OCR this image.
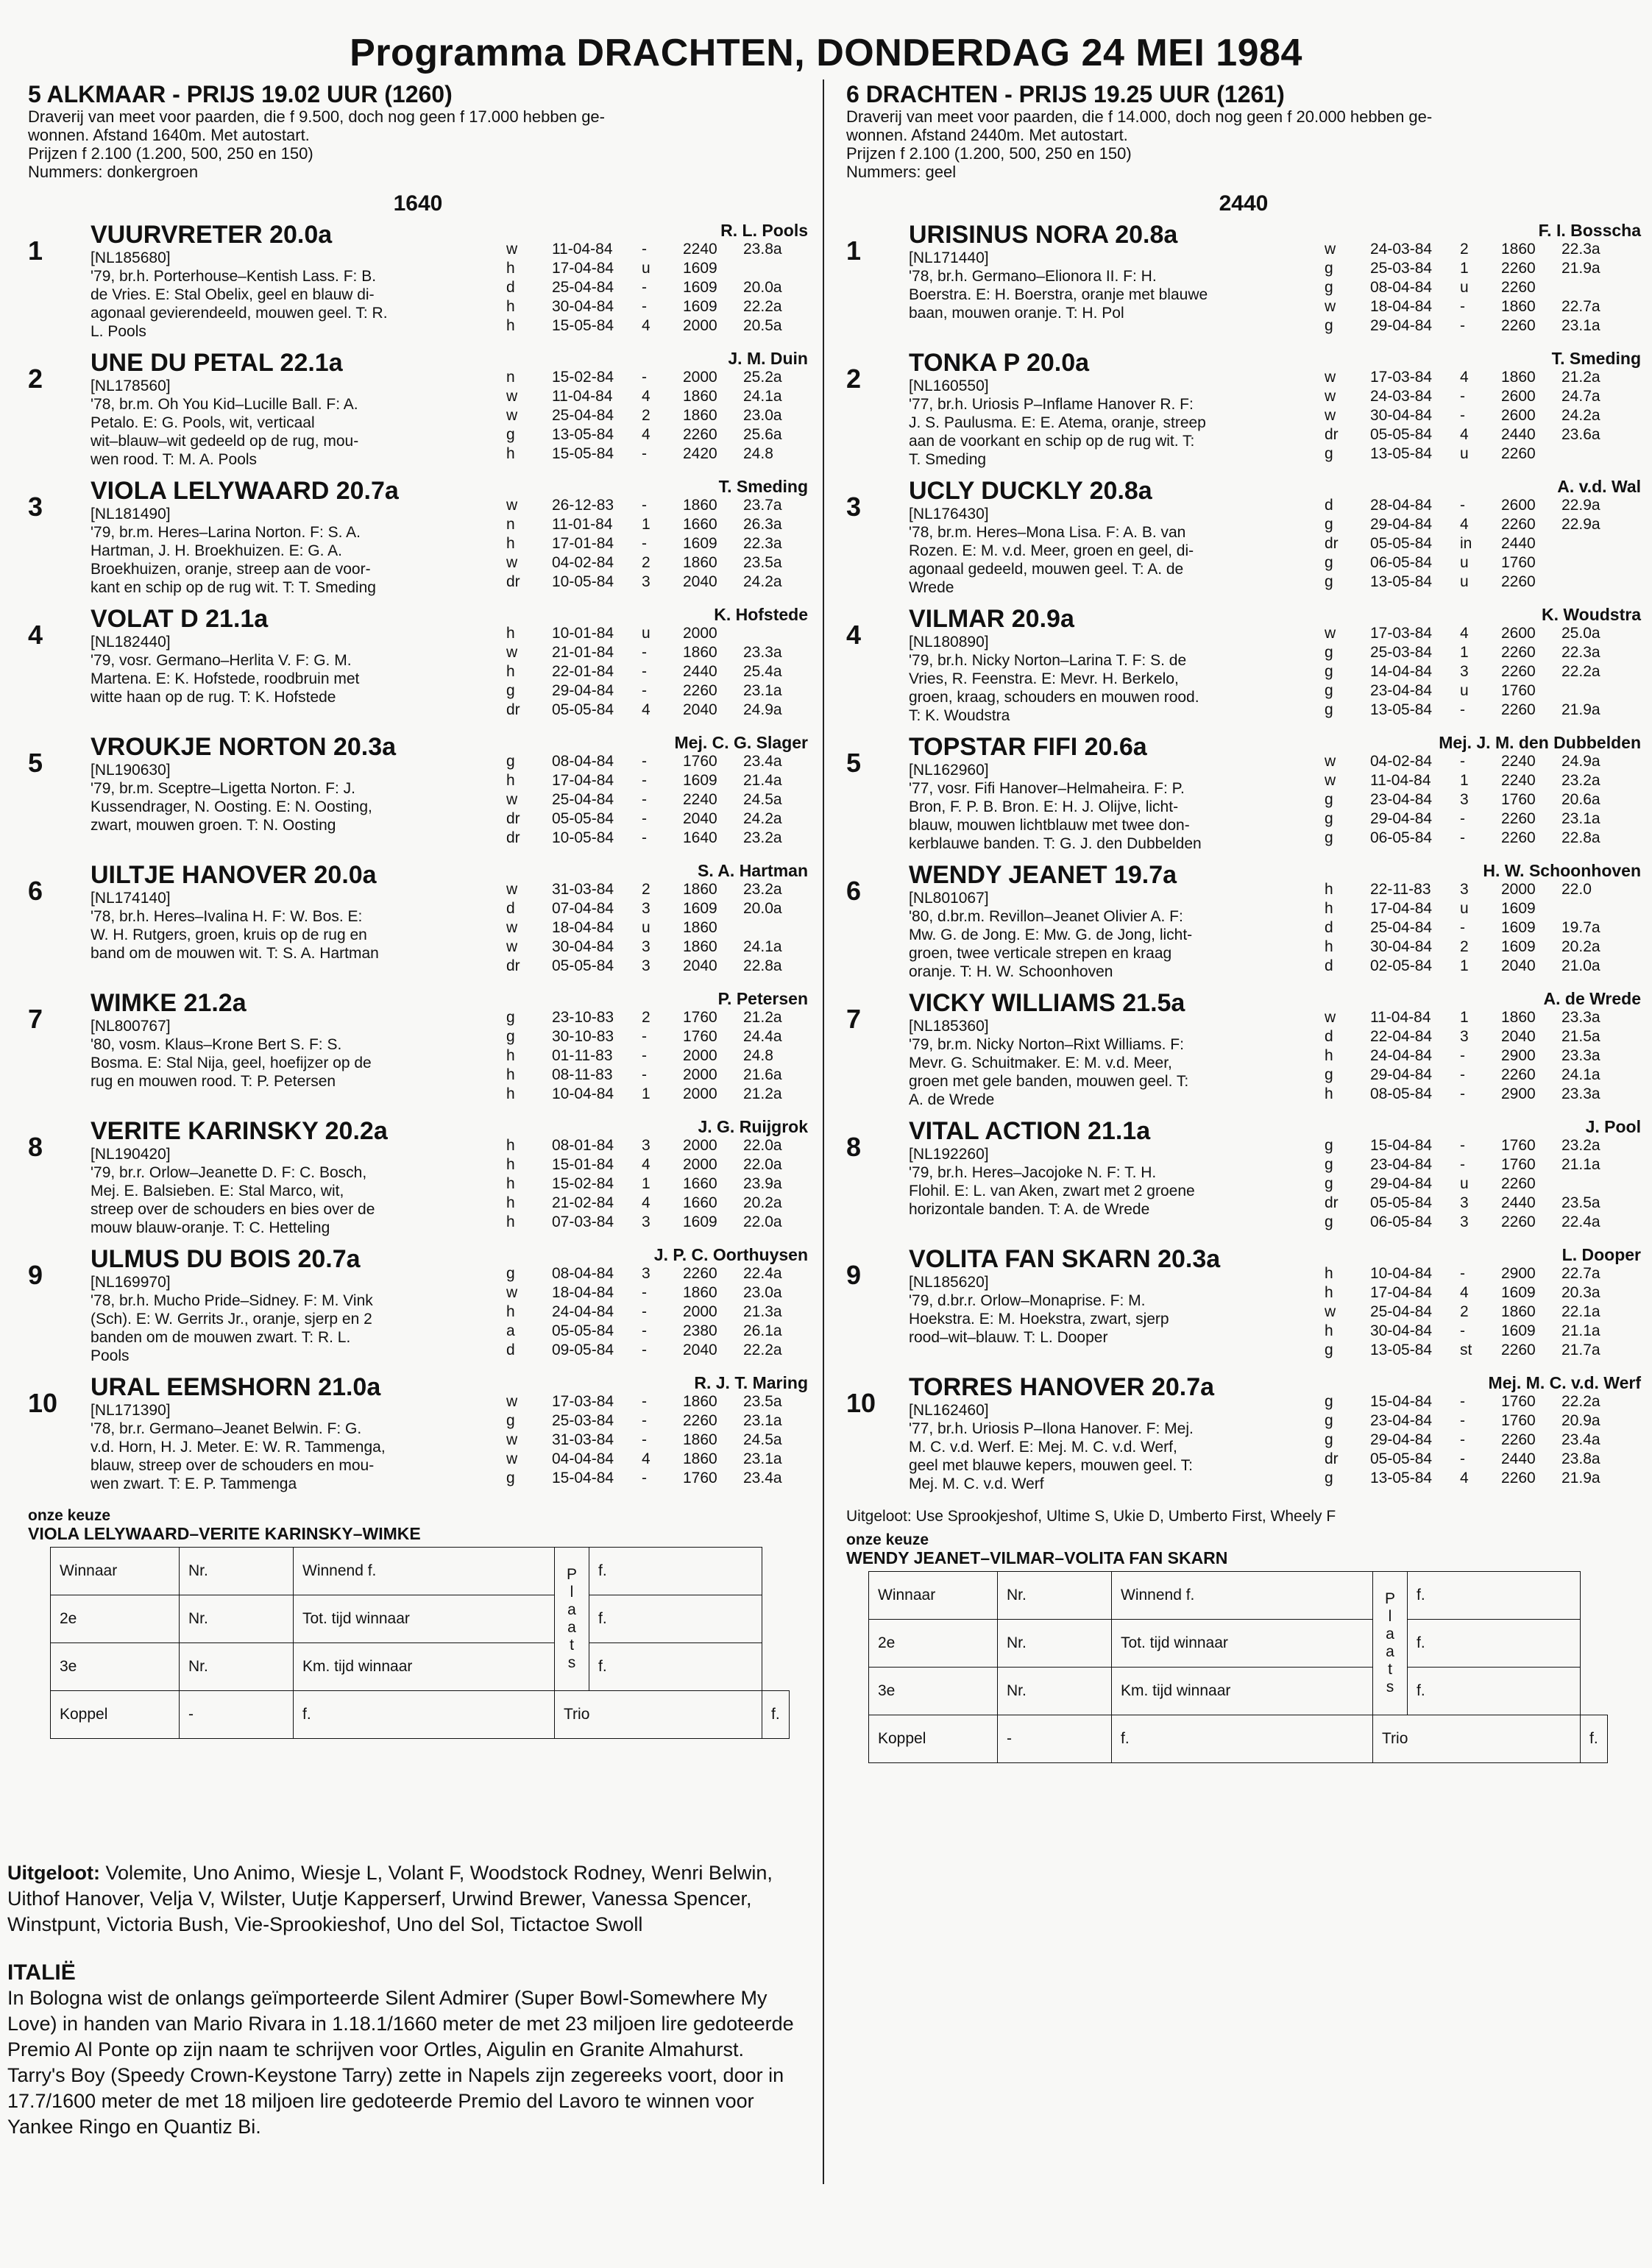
Programma DRACHTEN, DONDERDAG 24 MEI 1984
5 ALKMAAR - PRIJS 19.02 UUR (1260)
Draverij van meet voor paarden, die f 9.500, doch nog geen f 17.000 hebben ge-
wonnen. Afstand 1640m. Met autostart.
Prijzen f 2.100 (1.200, 500, 250 en 150)
Nummers: donkergroen
1640
1
VUURVRETER 20.0a
[NL185680]
'79, br.h. Porterhouse–Kentish Lass. F: B.
de Vries. E: Stal Obelix, geel en blauw di-
agonaal gevierendeeld, mouwen geel. T: R.
L. Pools
R. L. Pools
w	11-04-84	-	2240	23.8a
h	17-04-84	u	1609
d	25-04-84	-	1609	20.0a
h	30-04-84	-	1609	22.2a
h	15-05-84	4	2000	20.5a
2
UNE DU PETAL 22.1a
[NL178560]
'78, br.m. Oh You Kid–Lucille Ball. F: A.
Petalo. E: G. Pools, wit, verticaal
wit–blauw–wit gedeeld op de rug, mou-
wen rood. T: M. A. Pools
J. M. Duin
n	15-02-84	-	2000	25.2a
w	11-04-84	4	1860	24.1a
w	25-04-84	2	1860	23.0a
g	13-05-84	4	2260	25.6a
h	15-05-84	-	2420	24.8
3
VIOLA LELYWAARD 20.7a
[NL181490]
'79, br.m. Heres–Larina Norton. F: S. A.
Hartman, J. H. Broekhuizen. E: G. A.
Broekhuizen, oranje, streep aan de voor-
kant en schip op de rug wit. T: T. Smeding
T. Smeding
w	26-12-83	-	1860	23.7a
n	11-01-84	1	1660	26.3a
h	17-01-84	-	1609	22.3a
w	04-02-84	2	1860	23.5a
dr	10-05-84	3	2040	24.2a
4
VOLAT D 21.1a
[NL182440]
'79, vosr. Germano–Herlita V. F: G. M.
Martena. E: K. Hofstede, roodbruin met
witte haan op de rug. T: K. Hofstede
K. Hofstede
h	10-01-84	u	2000
w	21-01-84	-	1860	23.3a
h	22-01-84	-	2440	25.4a
g	29-04-84	-	2260	23.1a
dr	05-05-84	4	2040	24.9a
5
VROUKJE NORTON 20.3a
[NL190630]
'79, br.m. Sceptre–Ligetta Norton. F: J.
Kussendrager, N. Oosting. E: N. Oosting,
zwart, mouwen groen. T: N. Oosting
Mej. C. G. Slager
g	08-04-84	-	1760	23.4a
h	17-04-84	-	1609	21.4a
w	25-04-84	-	2240	24.5a
dr	05-05-84	-	2040	24.2a
dr	10-05-84	-	1640	23.2a
6
UILTJE HANOVER 20.0a
[NL174140]
'78, br.h. Heres–Ivalina H. F: W. Bos. E:
W. H. Rutgers, groen, kruis op de rug en
band om de mouwen wit. T: S. A. Hartman
S. A. Hartman
w	31-03-84	2	1860	23.2a
d	07-04-84	3	1609	20.0a
w	18-04-84	u	1860
w	30-04-84	3	1860	24.1a
dr	05-05-84	3	2040	22.8a
7
WIMKE 21.2a
[NL800767]
'80, vosm. Klaus–Krone Bert S. F: S.
Bosma. E: Stal Nija, geel, hoefijzer op de
rug en mouwen rood. T: P. Petersen
P. Petersen
g	23-10-83	2	1760	21.2a
g	30-10-83	-	1760	24.4a
h	01-11-83	-	2000	24.8
h	08-11-83	-	2000	21.6a
h	10-04-84	1	2000	21.2a
8
VERITE KARINSKY 20.2a
[NL190420]
'79, br.r. Orlow–Jeanette D. F: C. Bosch,
Mej. E. Balsieben. E: Stal Marco, wit,
streep over de schouders en bies over de
mouw blauw-oranje. T: C. Hetteling
J. G. Ruijgrok
h	08-01-84	3	2000	22.0a
h	15-01-84	4	2000	22.0a
h	15-02-84	1	1660	23.9a
h	21-02-84	4	1660	20.2a
h	07-03-84	3	1609	22.0a
9
ULMUS DU BOIS 20.7a
[NL169970]
'78, br.h. Mucho Pride–Sidney. F: M. Vink
(Sch). E: W. Gerrits Jr., oranje, sjerp en 2
banden om de mouwen zwart. T: R. L.
Pools
J. P. C. Oorthuysen
g	08-04-84	3	2260	22.4a
w	18-04-84	-	1860	23.0a
h	24-04-84	-	2000	21.3a
a	05-05-84	-	2380	26.1a
d	09-05-84	-	2040	22.2a
10
URAL EEMSHORN 21.0a
[NL171390]
'78, br.r. Germano–Jeanet Belwin. F: G.
v.d. Horn, H. J. Meter. E: W. R. Tammenga,
blauw, streep over de schouders en mou-
wen zwart. T: E. P. Tammenga
R. J. T. Maring
w	17-03-84	-	1860	23.5a
g	25-03-84	-	2260	23.1a
w	31-03-84	-	1860	24.5a
w	04-04-84	4	1860	23.1a
g	15-04-84	-	1760	23.4a
onze keuze
VIOLA LELYWAARD–VERITE KARINSKY–WIMKE
Winnaar	Nr.	Winnend f.	P l a a t s	f.	
2e	Nr.	Tot. tijd winnaar		f.	
3e	Nr.	Km. tijd winnaar		f.	
Koppel	-	f.	Trio		f.
6 DRACHTEN - PRIJS 19.25 UUR (1261)
Draverij van meet voor paarden, die f 14.000, doch nog geen f 20.000 hebben ge-
wonnen. Afstand 2440m. Met autostart.
Prijzen f 2.100 (1.200, 500, 250 en 150)
Nummers: geel
2440
1
URISINUS NORA 20.8a
[NL171440]
'78, br.h. Germano–Elionora II. F: H.
Boerstra. E: H. Boerstra, oranje met blauwe
baan, mouwen oranje. T: H. Pol
F. I. Bosscha
w	24-03-84	2	1860	22.3a
g	25-03-84	1	2260	21.9a
g	08-04-84	u	2260
w	18-04-84	-	1860	22.7a
g	29-04-84	-	2260	23.1a
2
TONKA P 20.0a
[NL160550]
'77, br.h. Uriosis P–Inflame Hanover R. F:
J. S. Paulusma. E: E. Atema, oranje, streep
aan de voorkant en schip op de rug wit. T:
T. Smeding
T. Smeding
w	17-03-84	4	1860	21.2a
w	24-03-84	-	2600	24.7a
w	30-04-84	-	2600	24.2a
dr	05-05-84	4	2440	23.6a
g	13-05-84	u	2260
3
UCLY DUCKLY 20.8a
[NL176430]
'78, br.m. Heres–Mona Lisa. F: A. B. van
Rozen. E: M. v.d. Meer, groen en geel, di-
agonaal gedeeld, mouwen geel. T: A. de
Wrede
A. v.d. Wal
d	28-04-84	-	2600	22.9a
g	29-04-84	4	2260	22.9a
dr	05-05-84	in	2440
g	06-05-84	u	1760
g	13-05-84	u	2260
4
VILMAR 20.9a
[NL180890]
'79, br.h. Nicky Norton–Larina T. F: S. de
Vries, R. Feenstra. E: Mevr. H. Berkelo,
groen, kraag, schouders en mouwen rood.
T: K. Woudstra
K. Woudstra
w	17-03-84	4	2600	25.0a
g	25-03-84	1	2260	22.3a
g	14-04-84	3	2260	22.2a
g	23-04-84	u	1760
g	13-05-84	-	2260	21.9a
5
TOPSTAR FIFI 20.6a
[NL162960]
'77, vosr. Fifi Hanover–Helmaheira. F: P.
Bron, F. P. B. Bron. E: H. J. Olijve, licht-
blauw, mouwen lichtblauw met twee don-
kerblauwe banden. T: G. J. den Dubbelden
Mej. J. M. den Dubbelden
w	04-02-84	-	2240	24.9a
w	11-04-84	1	2240	23.2a
g	23-04-84	3	1760	20.6a
g	29-04-84	-	2260	23.1a
g	06-05-84	-	2260	22.8a
6
WENDY JEANET 19.7a
[NL801067]
'80, d.br.m. Revillon–Jeanet Olivier A. F:
Mw. G. de Jong. E: Mw. G. de Jong, licht-
groen, twee verticale strepen en kraag
oranje. T: H. W. Schoonhoven
H. W. Schoonhoven
h	22-11-83	3	2000	22.0
h	17-04-84	u	1609
d	25-04-84	-	1609	19.7a
h	30-04-84	2	1609	20.2a
d	02-05-84	1	2040	21.0a
7
VICKY WILLIAMS 21.5a
[NL185360]
'79, br.m. Nicky Norton–Rixt Williams. F:
Mevr. G. Schuitmaker. E: M. v.d. Meer,
groen met gele banden, mouwen geel. T:
A. de Wrede
A. de Wrede
w	11-04-84	1	1860	23.3a
d	22-04-84	3	2040	21.5a
h	24-04-84	-	2900	23.3a
g	29-04-84	-	2260	24.1a
h	08-05-84	-	2900	23.3a
8
VITAL ACTION 21.1a
[NL192260]
'79, br.h. Heres–Jacojoke N. F: T. H.
Flohil. E: L. van Aken, zwart met 2 groene
horizontale banden. T: A. de Wrede
J. Pool
g	15-04-84	-	1760	23.2a
g	23-04-84	-	1760	21.1a
g	29-04-84	u	2260
dr	05-05-84	3	2440	23.5a
g	06-05-84	3	2260	22.4a
9
VOLITA FAN SKARN 20.3a
[NL185620]
'79, d.br.r. Orlow–Monaprise. F: M.
Hoekstra. E: M. Hoekstra, zwart, sjerp
rood–wit–blauw. T: L. Dooper
L. Dooper
h	10-04-84	-	2900	22.7a
h	17-04-84	4	1609	20.3a
w	25-04-84	2	1860	22.1a
h	30-04-84	-	1609	21.1a
g	13-05-84	st	2260	21.7a
10
TORRES HANOVER 20.7a
[NL162460]
'77, br.h. Uriosis P–Ilona Hanover. F: Mej.
M. C. v.d. Werf. E: Mej. M. C. v.d. Werf,
geel met blauwe kepers, mouwen geel. T:
Mej. M. C. v.d. Werf
Mej. M. C. v.d. Werf
g	15-04-84	-	1760	22.2a
g	23-04-84	-	1760	20.9a
g	29-04-84	-	2260	23.4a
dr	05-05-84	-	2440	23.8a
g	13-05-84	4	2260	21.9a
Uitgeloot: Use Sprookjeshof, Ultime S, Ukie D, Umberto First, Wheely F
onze keuze
WENDY JEANET–VILMAR–VOLITA FAN SKARN
Winnaar	Nr.	Winnend f.	P l a a t s	f.	
2e	Nr.	Tot. tijd winnaar		f.	
3e	Nr.	Km. tijd winnaar		f.	
Koppel	-	f.	Trio		f.
Uitgeloot: Volemite, Uno Animo, Wiesje L, Volant F, Woodstock Rodney, Wenri Belwin, Uithof Hanover, Velja V, Wilster, Uutje Kapperserf, Urwind Brewer, Vanessa Spencer, Winstpunt, Victoria Bush, Vie-Sprookieshof, Uno del Sol, Tictactoe Swoll
ITALIË
In Bologna wist de onlangs geïmporteerde Silent Admirer (Super Bowl-Somewhere My Love) in handen van Mario Rivara in 1.18.1/1660 meter de met 23 miljoen lire gedoteerde Premio Al Ponte op zijn naam te schrijven voor Ortles, Aigulin en Granite Almahurst. Tarry's Boy (Speedy Crown-Keystone Tarry) zette in Napels zijn zegereeks voort, door in 17.7/1600 meter de met 18 miljoen lire gedoteerde Premio del Lavoro te winnen voor Yankee Ringo en Quantiz Bi.
